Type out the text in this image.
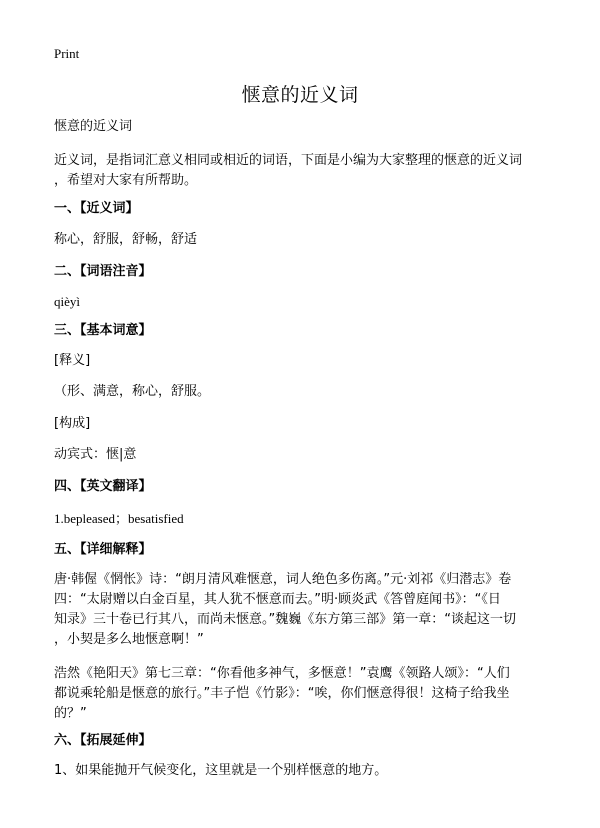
Print
惬意的近义词
惬意的近义词
近义词，是指词汇意义相同或相近的词语，下面是小编为大家整理的惬意的近义词
，希望对大家有所帮助。
一、【近义词】
称心，舒服，舒畅，舒适
二、【词语注音】
qièyì
三、【基本词意】
[释义]
（形、满意，称心，舒服。
[构成]
动宾式：惬|意
四、【英文翻译】
1.bepleased；besatisfied
五、【详细解释】
唐·韩偓《惘怅》诗：“朗月清风难惬意，词人绝色多伤离。”元·刘祁《归潜志》卷
四：“太尉赠以白金百星，其人犹不惬意而去。”明·顾炎武《答曾庭闻书》：“《日
知录》三十卷已行其八，而尚未惬意。”魏巍《东方第三部》第一章：“谈起这一切
，小契是多么地惬意啊！”
浩然《艳阳天》第七三章：“你看他多神气，多惬意！”袁鹰《领路人颂》：“人们
都说乘轮船是惬意的旅行。”丰子恺《竹影》：“唉，你们惬意得很！这椅子给我坐
的？”
六、【拓展延伸】
1、如果能抛开气候变化，这里就是一个别样惬意的地方。
